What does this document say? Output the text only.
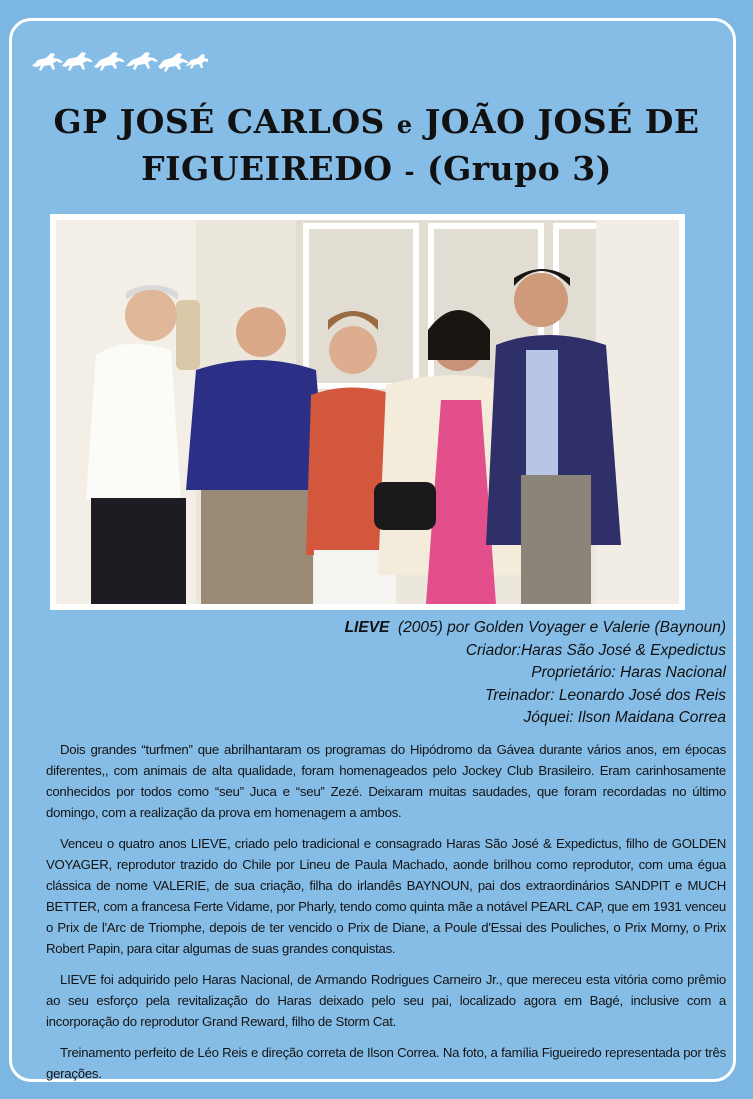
GP JOSÉ CARLOS e JOÃO JOSÉ DE
FIGUEIREDO - (Grupo 3)

LIEVE (2005) por Golden Voyager e Valerie (Baynoun)

Criador:Haras São José & Expedictus

Proprietário: Haras Nacional

Treinador: Leonardo José dos Reis

Jóquei: Ilson Maidana Correa

Dois grandes “turfmen” que abrilhantaram os programas do Hipódromo da Gávea durante vários anos, em épocas diferentes,, com animais de alta qualidade, foram homenageados pelo Jockey Club Brasileiro. Eram carinhosamente conhecidos por todos como “seu” Juca e “seu” Zezé. Deixaram muitas saudades, que foram recordadas no último domingo, com a realização da prova em homenagem a ambos.

Venceu o quatro anos LIEVE, criado pelo tradicional e consagrado Haras São José & Expedictus, filho de GOLDEN VOYAGER, reprodutor trazido do Chile por Lineu de Paula Machado, aonde brilhou como reprodutor, com uma égua clássica de nome VALERIE, de sua criação, filha do irlandês BAYNOUN, pai dos extraordinários SANDPIT e MUCH BETTER, com a francesa Ferte Vidame, por Pharly, tendo como quinta mãe a notável PEARL CAP, que em 1931 venceu o Prix de l'Arc de Triomphe, depois de ter vencido o Prix de Diane, a Poule d'Essai des Pouliches, o Prix Morny, o Prix Robert Papin, para citar algumas de suas grandes conquistas.

LIEVE foi adquirido pelo Haras Nacional, de Armando Rodrigues Carneiro Jr., que mereceu esta vitória como prêmio ao seu esforço pela revitalização do Haras deixado pelo seu pai, localizado agora em Bagé, inclusive com a incorporação do reprodutor Grand Reward, filho de Storm Cat.

Treinamento perfeito de Léo Reis e direção correta de Ilson Correa. Na foto, a família Figueiredo representada por três gerações.
